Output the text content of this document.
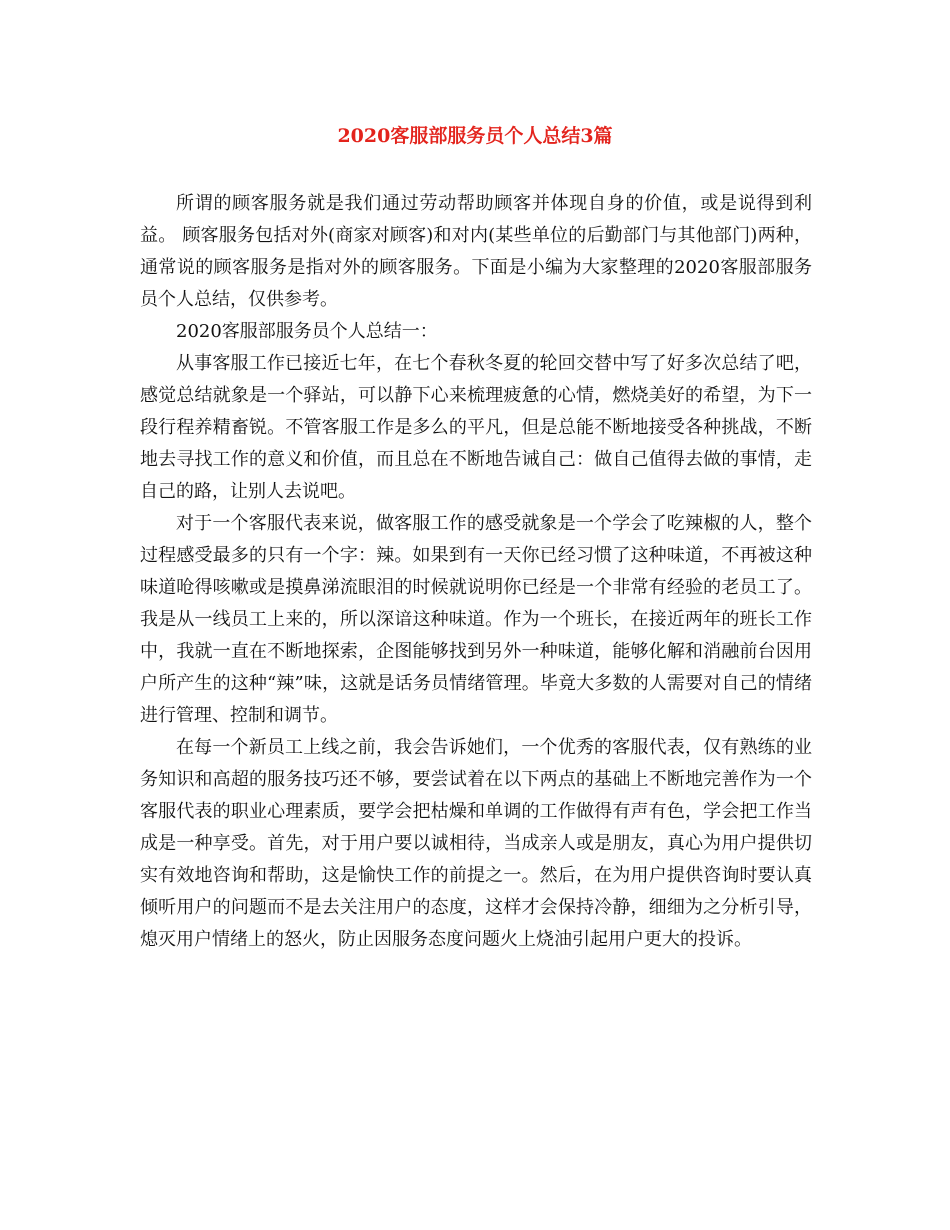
2020客服部服务员个人总结3篇

所谓的顾客服务就是我们通过劳动帮助顾客并体现自身的价值，或是说得到利益。 顾客服务包括对外(商家对顾客)和对内(某些单位的后勤部门与其他部门)两种，通常说的顾客服务是指对外的顾客服务。下面是小编为大家整理的2020客服部服务员个人总结，仅供参考。

2020客服部服务员个人总结一：

从事客服工作已接近七年，在七个春秋冬夏的轮回交替中写了好多次总结了吧，感觉总结就象是一个驿站，可以静下心来梳理疲惫的心情，燃烧美好的希望，为下一段行程养精畜锐。不管客服工作是多么的平凡，但是总能不断地接受各种挑战，不断地去寻找工作的意义和价值，而且总在不断地告诫自己：做自己值得去做的事情，走自己的路，让别人去说吧。

对于一个客服代表来说，做客服工作的感受就象是一个学会了吃辣椒的人，整个过程感受最多的只有一个字：辣。如果到有一天你已经习惯了这种味道，不再被这种味道呛得咳嗽或是摸鼻涕流眼泪的时候就说明你已经是一个非常有经验的老员工了。我是从一线员工上来的，所以深谙这种味道。作为一个班长，在接近两年的班长工作中，我就一直在不断地探索，企图能够找到另外一种味道，能够化解和消融前台因用户所产生的这种“辣”味，这就是话务员情绪管理。毕竟大多数的人需要对自己的情绪进行管理、控制和调节。

在每一个新员工上线之前，我会告诉她们，一个优秀的客服代表，仅有熟练的业务知识和高超的服务技巧还不够，要尝试着在以下两点的基础上不断地完善作为一个客服代表的职业心理素质，要学会把枯燥和单调的工作做得有声有色，学会把工作当成是一种享受。首先，对于用户要以诚相待，当成亲人或是朋友，真心为用户提供切实有效地咨询和帮助，这是愉快工作的前提之一。然后，在为用户提供咨询时要认真倾听用户的问题而不是去关注用户的态度，这样才会保持冷静，细细为之分析引导，熄灭用户情绪上的怒火，防止因服务态度问题火上烧油引起用户更大的投诉。
